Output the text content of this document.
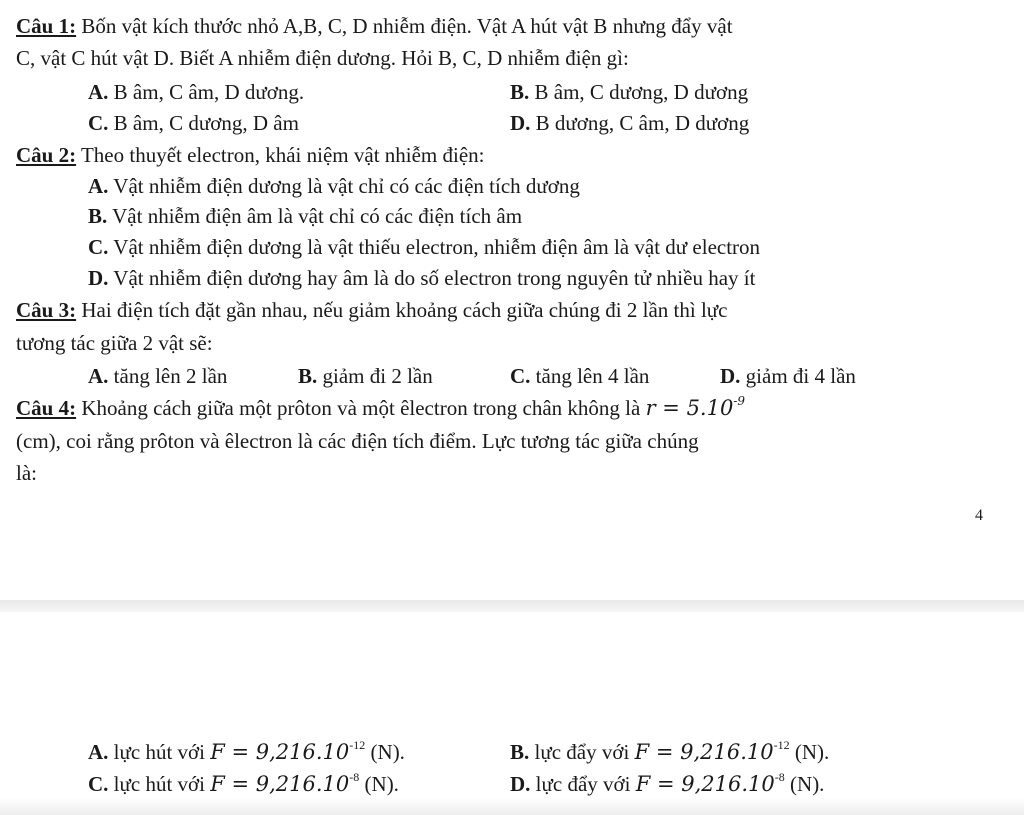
Câu 1: Bốn vật kích thước nhỏ A,B, C, D nhiễm điện. Vật A hút vật B nhưng đẩy vật
C, vật C hút vật D. Biết A nhiễm điện dương. Hỏi B, C, D nhiễm điện gì:
A. B âm, C âm, D dương.	B. B âm, C dương, D dương
C. B âm, C dương, D âm	D. B dương, C âm, D dương
Câu 2: Theo thuyết electron, khái niệm vật nhiễm điện:
A. Vật nhiễm điện dương là vật chỉ có các điện tích dương
B. Vật nhiễm điện âm là vật chỉ có các điện tích âm
C. Vật nhiễm điện dương là vật thiếu electron, nhiễm điện âm là vật dư electron
D. Vật nhiễm điện dương hay âm là do số electron trong nguyên tử nhiều hay ít
Câu 3: Hai điện tích đặt gần nhau, nếu giảm khoảng cách giữa chúng đi 2 lần thì lực
tương tác giữa 2 vật sẽ:
A. tăng lên 2 lần	B. giảm đi 2 lần	C. tăng lên 4 lần	D. giảm đi 4 lần
Câu 4: Khoảng cách giữa một prôton và một êlectron trong chân không là $r = 5.10^{-9}$
(cm), coi rằng prôton và êlectron là các điện tích điểm. Lực tương tác giữa chúng
là:
4
A. lực hút với $F = 9,216.10^{-12}$ (N).	B. lực đẩy với $F = 9,216.10^{-12}$ (N).
C. lực hút với $F = 9,216.10^{-8}$ (N).	D. lực đẩy với $F = 9,216.10^{-8}$ (N).
